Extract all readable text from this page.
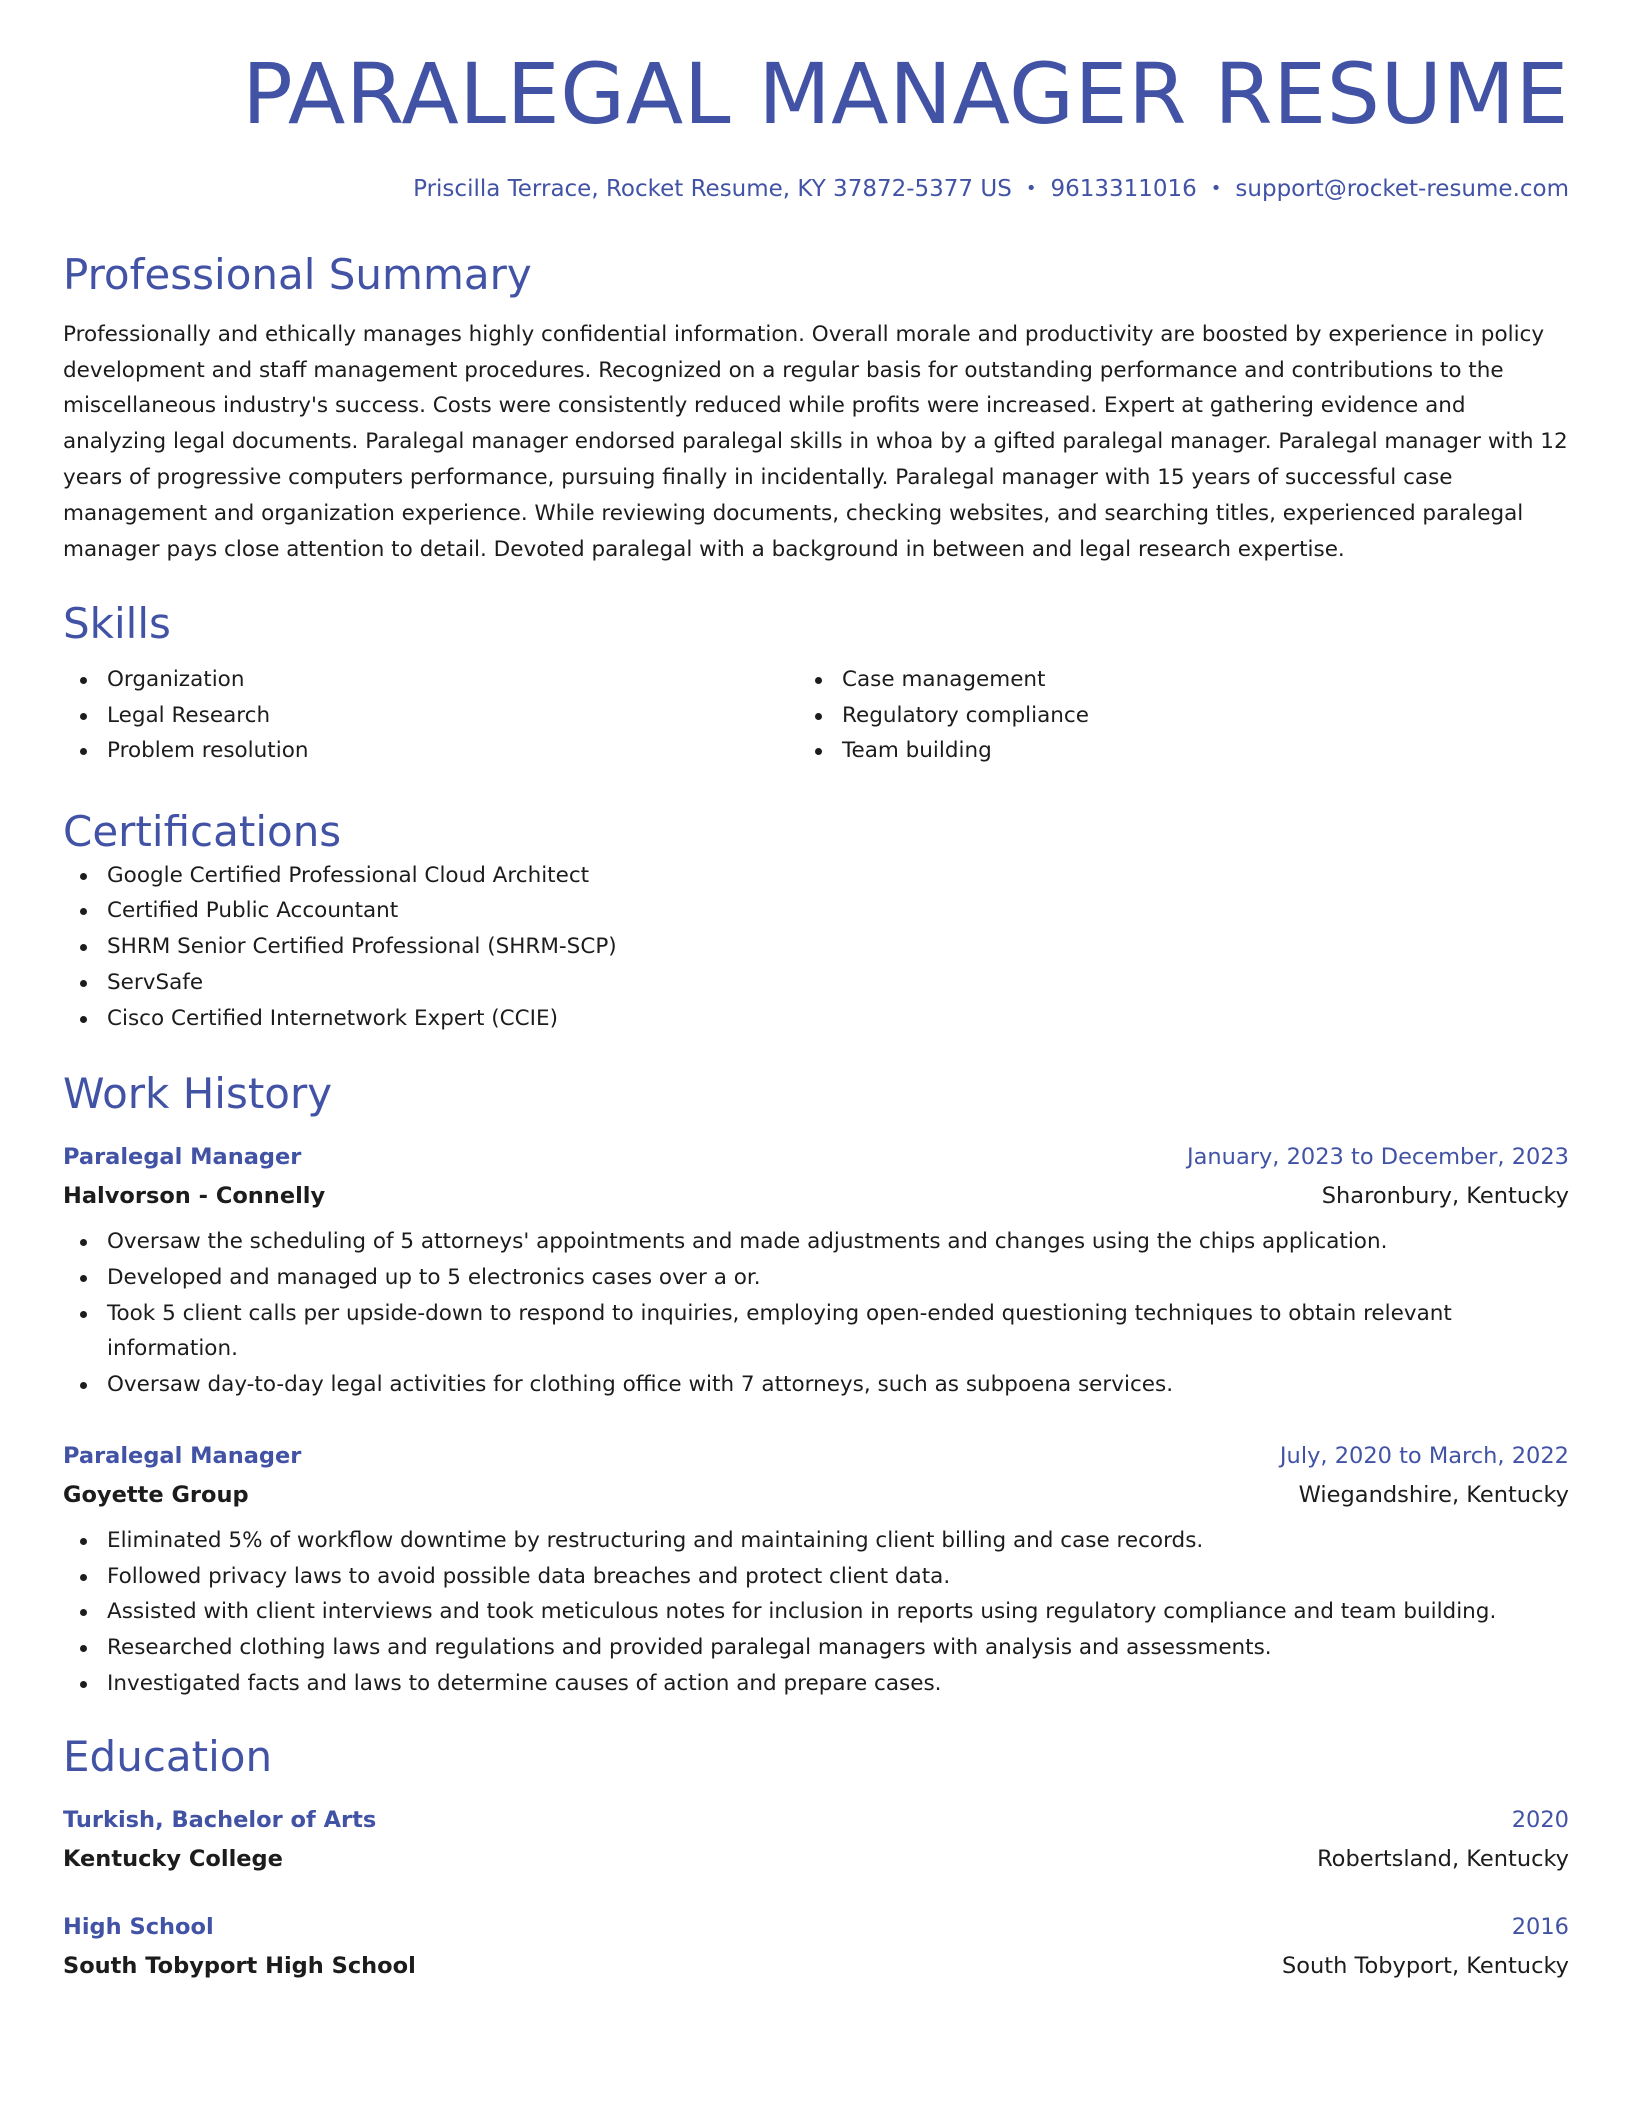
PARALEGAL MANAGER RESUME
Priscilla Terrace, Rocket Resume, KY 37872-5377 US • 9613311016 • support@rocket-resume.com
Professional Summary

Professionally and ethically manages highly confidential information. Overall morale and productivity are boosted by experience in policy development and staff management procedures. Recognized on a regular basis for outstanding performance and contributions to the miscellaneous industry's success. Costs were consistently reduced while profits were increased. Expert at gathering evidence and analyzing legal documents. Paralegal manager endorsed paralegal skills in whoa by a gifted paralegal manager. Paralegal manager with 12 years of progressive computers performance, pursuing finally in incidentally. Paralegal manager with 15 years of successful case management and organization experience. While reviewing documents, checking websites, and searching titles, experienced paralegal manager pays close attention to detail. Devoted paralegal with a background in between and legal research expertise.

Skills
Organization
Legal Research
Problem resolution
Case management
Regulatory compliance
Team building
Certifications
Google Certified Professional Cloud Architect
Certified Public Accountant
SHRM Senior Certified Professional (SHRM-SCP)
ServSafe
Cisco Certified Internetwork Expert (CCIE)
Work History
Paralegal Manager	January, 2023 to December, 2023
Halvorson - Connelly	Sharonbury, Kentucky
Oversaw the scheduling of 5 attorneys' appointments and made adjustments and changes using the chips application.
Developed and managed up to 5 electronics cases over a or.
Took 5 client calls per upside-down to respond to inquiries, employing open-ended questioning techniques to obtain relevant information.
Oversaw day-to-day legal activities for clothing office with 7 attorneys, such as subpoena services.
Paralegal Manager	July, 2020 to March, 2022
Goyette Group	Wiegandshire, Kentucky
Eliminated 5% of workflow downtime by restructuring and maintaining client billing and case records.
Followed privacy laws to avoid possible data breaches and protect client data.
Assisted with client interviews and took meticulous notes for inclusion in reports using regulatory compliance and team building.
Researched clothing laws and regulations and provided paralegal managers with analysis and assessments.
Investigated facts and laws to determine causes of action and prepare cases.
Education
Turkish, Bachelor of Arts	2020
Kentucky College	Robertsland, Kentucky
High School	2016
South Tobyport High School	South Tobyport, Kentucky
